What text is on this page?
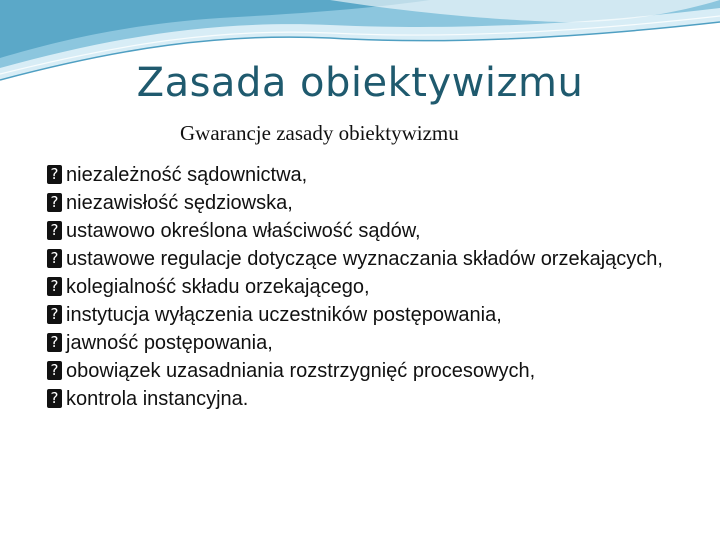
Zasada obiektywizmu
Gwarancje zasady obiektywizmu
? niezależność sądownictwa,
? niezawisłość sędziowska,
? ustawowo określona właściwość sądów,
? ustawowe regulacje dotyczące wyznaczania składów orzekających,
? kolegialność składu orzekającego,
? instytucja wyłączenia uczestników postępowania,
? jawność postępowania,
? obowiązek uzasadniania rozstrzygnięć procesowych,
? kontrola instancyjna.
